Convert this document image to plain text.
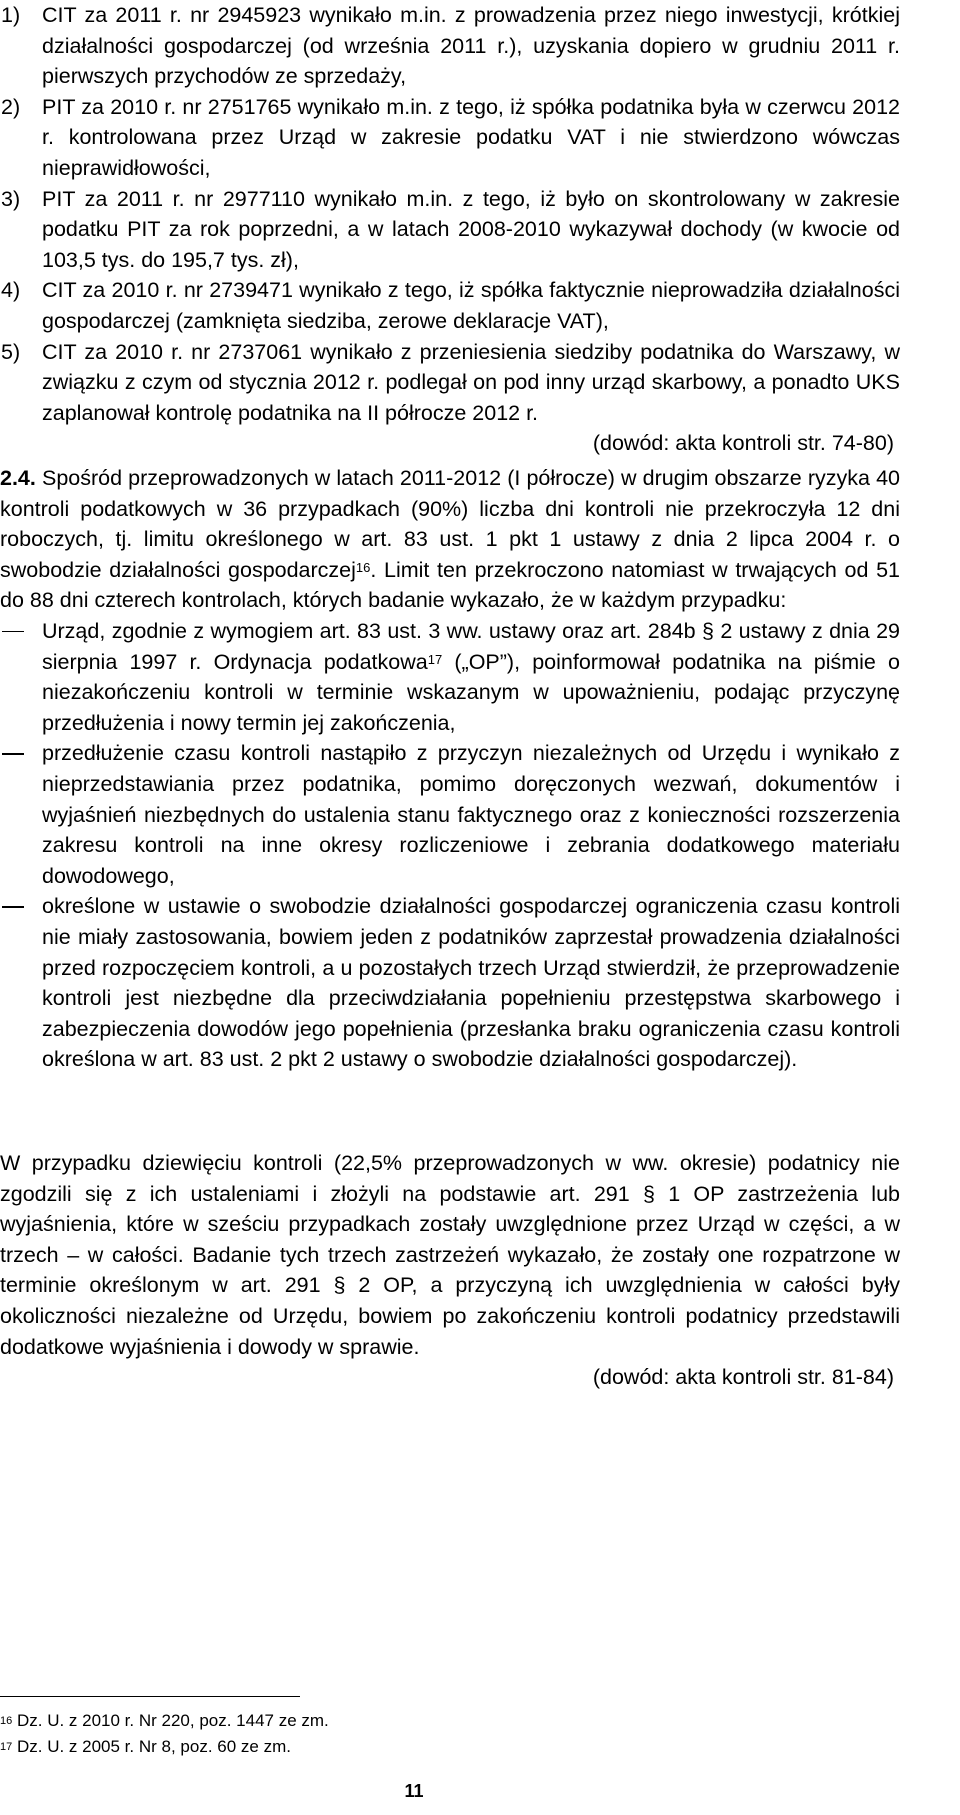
1) CIT za 2011 r. nr 2945923 wynikało m.in. z prowadzenia przez niego inwestycji, krótkiej działalności gospodarczej (od września 2011 r.), uzyskania dopiero w grudniu 2011 r. pierwszych przychodów ze sprzedaży,
2) PIT za 2010 r. nr 2751765 wynikało m.in. z tego, iż spółka podatnika była w czerwcu 2012 r. kontrolowana przez Urząd w zakresie podatku VAT i nie stwierdzono wówczas nieprawidłowości,
3) PIT za 2011 r. nr 2977110 wynikało m.in. z tego, iż było on skontrolowany w zakresie podatku PIT za rok poprzedni, a w latach 2008-2010 wykazywał dochody (w kwocie od 103,5 tys. do 195,7 tys. zł),
4) CIT za 2010 r. nr 2739471 wynikało z tego, iż spółka faktycznie nieprowadziła działalności gospodarczej (zamknięta siedziba, zerowe deklaracje VAT),
5) CIT za 2010 r. nr 2737061 wynikało z przeniesienia siedziby podatnika do Warszawy, w związku z czym od stycznia 2012 r. podlegał on pod inny urząd skarbowy, a ponadto UKS zaplanował kontrolę podatnika na II półrocze 2012 r.
(dowód: akta kontroli str. 74-80)
2.4. Spośród przeprowadzonych w latach 2011-2012 (I półrocze) w drugim obszarze ryzyka 40 kontroli podatkowych w 36 przypadkach (90%) liczba dni kontroli nie przekroczyła 12 dni roboczych, tj. limitu określonego w art. 83 ust. 1 pkt 1 ustawy z dnia 2 lipca 2004 r. o swobodzie działalności gospodarczej$^{16}$. Limit ten przekroczono natomiast w trwających od 51 do 88 dni czterech kontrolach, których badanie wykazało, że w każdym przypadku:
Urząd, zgodnie z wymogiem art. 83 ust. 3 ww. ustawy oraz art. 284b § 2 ustawy z dnia 29 sierpnia 1997 r. Ordynacja podatkowa$^{17}$ („OP”), poinformował podatnika na piśmie o niezakończeniu kontroli w terminie wskazanym w upoważnieniu, podając przyczynę przedłużenia i nowy termin jej zakończenia,
przedłużenie czasu kontroli nastąpiło z przyczyn niezależnych od Urzędu i wynikało z nieprzedstawiania przez podatnika, pomimo doręczonych wezwań, dokumentów i wyjaśnień niezbędnych do ustalenia stanu faktycznego oraz z konieczności rozszerzenia zakresu kontroli na inne okresy rozliczeniowe i zebrania dodatkowego materiału dowodowego,
określone w ustawie o swobodzie działalności gospodarczej ograniczenia czasu kontroli nie miały zastosowania, bowiem jeden z podatników zaprzestał prowadzenia działalności przed rozpoczęciem kontroli, a u pozostałych trzech Urząd stwierdził, że przeprowadzenie kontroli jest niezbędne dla przeciwdziałania popełnieniu przestępstwa skarbowego i zabezpieczenia dowodów jego popełnienia (przesłanka braku ograniczenia czasu kontroli określona w art. 83 ust. 2 pkt 2 ustawy o swobodzie działalności gospodarczej).
W przypadku dziewięciu kontroli (22,5% przeprowadzonych w ww. okresie) podatnicy nie zgodzili się z ich ustaleniami i złożyli na podstawie art. 291 § 1 OP zastrzeżenia lub wyjaśnienia, które w sześciu przypadkach zostały uwzględnione przez Urząd w części, a w trzech – w całości. Badanie tych trzech zastrzeżeń wykazało, że zostały one rozpatrzone w terminie określonym w art. 291 § 2 OP, a przyczyną ich uwzględnienia w całości były okoliczności niezależne od Urzędu, bowiem po zakończeniu kontroli podatnicy przedstawili dodatkowe wyjaśnienia i dowody w sprawie.
(dowód: akta kontroli str. 81-84)
$^{16}$ Dz. U. z 2010 r. Nr 220, poz. 1447 ze zm.
$^{17}$ Dz. U. z 2005 r. Nr 8, poz. 60 ze zm.
11
